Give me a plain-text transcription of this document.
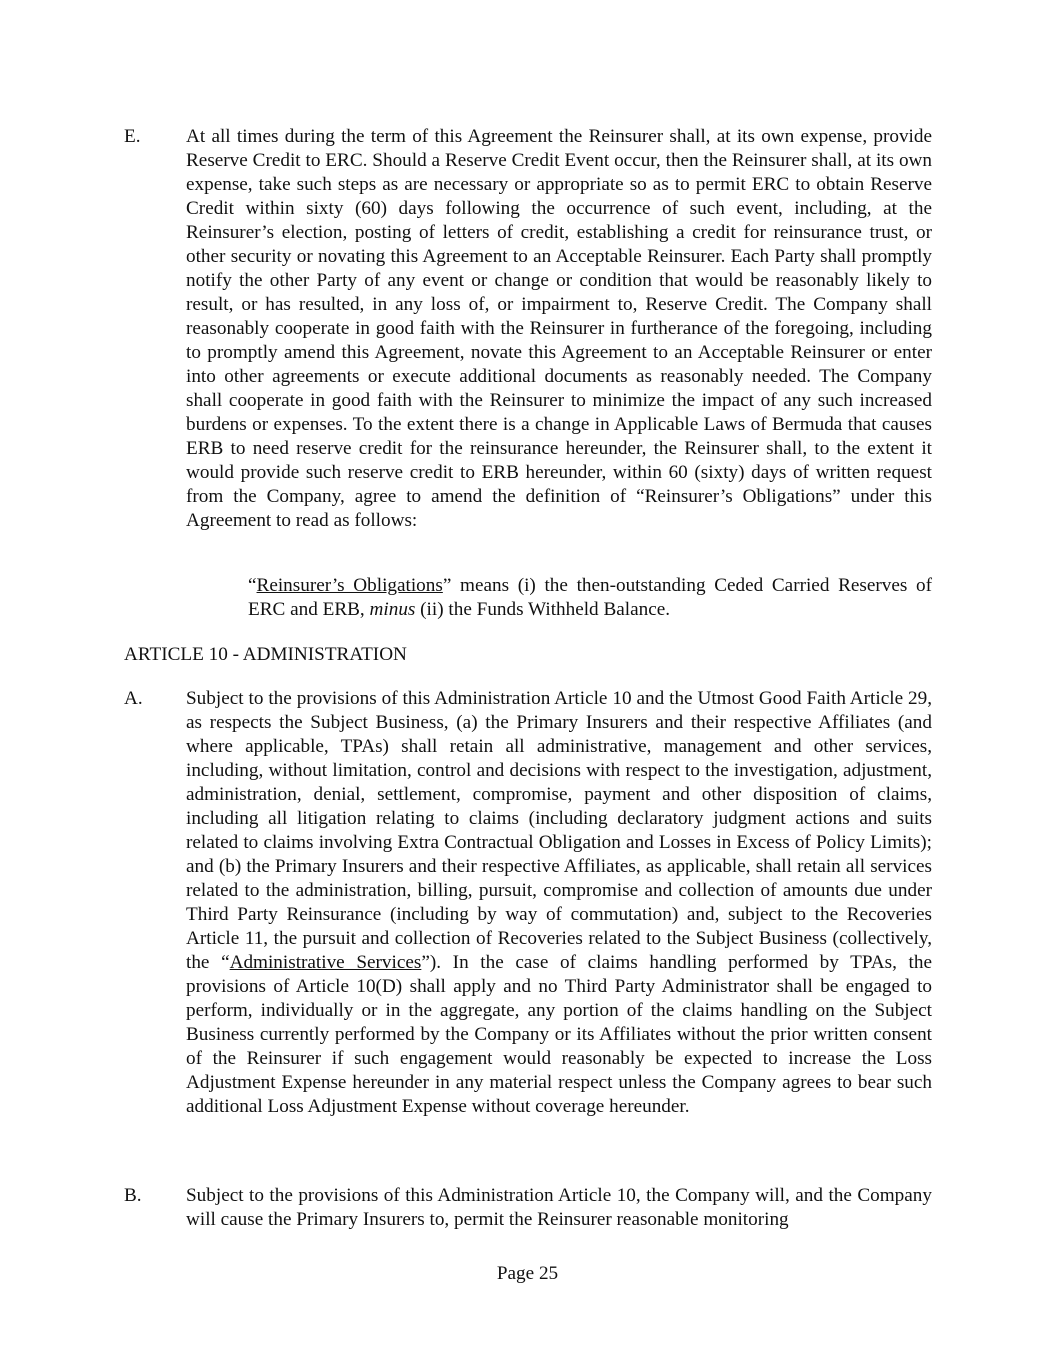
E.	At all times during the term of this Agreement the Reinsurer shall, at its own expense, provide Reserve Credit to ERC. Should a Reserve Credit Event occur, then the Reinsurer shall, at its own expense, take such steps as are necessary or appropriate so as to permit ERC to obtain Reserve Credit within sixty (60) days following the occurrence of such event, including, at the Reinsurer’s election, posting of letters of credit, establishing a credit for reinsurance trust, or other security or novating this Agreement to an Acceptable Reinsurer. Each Party shall promptly notify the other Party of any event or change or condition that would be reasonably likely to result, or has resulted, in any loss of, or impairment to, Reserve Credit. The Company shall reasonably cooperate in good faith with the Reinsurer in furtherance of the foregoing, including to promptly amend this Agreement, novate this Agreement to an Acceptable Reinsurer or enter into other agreements or execute additional documents as reasonably needed. The Company shall cooperate in good faith with the Reinsurer to minimize the impact of any such increased burdens or expenses. To the extent there is a change in Applicable Laws of Bermuda that causes ERB to need reserve credit for the reinsurance hereunder, the Reinsurer shall, to the extent it would provide such reserve credit to ERB hereunder, within 60 (sixty) days of written request from the Company, agree to amend the definition of “Reinsurer’s Obligations” under this Agreement to read as follows:
“Reinsurer’s Obligations” means (i) the then-outstanding Ceded Carried Reserves of ERC and ERB, minus (ii) the Funds Withheld Balance.
ARTICLE 10 - ADMINISTRATION
A.	Subject to the provisions of this Administration Article 10 and the Utmost Good Faith Article 29, as respects the Subject Business, (a) the Primary Insurers and their respective Affiliates (and where applicable, TPAs) shall retain all administrative, management and other services, including, without limitation, control and decisions with respect to the investigation, adjustment, administration, denial, settlement, compromise, payment and other disposition of claims, including all litigation relating to claims (including declaratory judgment actions and suits related to claims involving Extra Contractual Obligation and Losses in Excess of Policy Limits); and (b) the Primary Insurers and their respective Affiliates, as applicable, shall retain all services related to the administration, billing, pursuit, compromise and collection of amounts due under Third Party Reinsurance (including by way of commutation) and, subject to the Recoveries Article 11, the pursuit and collection of Recoveries related to the Subject Business (collectively, the “Administrative Services”). In the case of claims handling performed by TPAs, the provisions of Article 10(D) shall apply and no Third Party Administrator shall be engaged to perform, individually or in the aggregate, any portion of the claims handling on the Subject Business currently performed by the Company or its Affiliates without the prior written consent of the Reinsurer if such engagement would reasonably be expected to increase the Loss Adjustment Expense hereunder in any material respect unless the Company agrees to bear such additional Loss Adjustment Expense without coverage hereunder.
B.	Subject to the provisions of this Administration Article 10, the Company will, and the Company will cause the Primary Insurers to, permit the Reinsurer reasonable monitoring
Page 25
